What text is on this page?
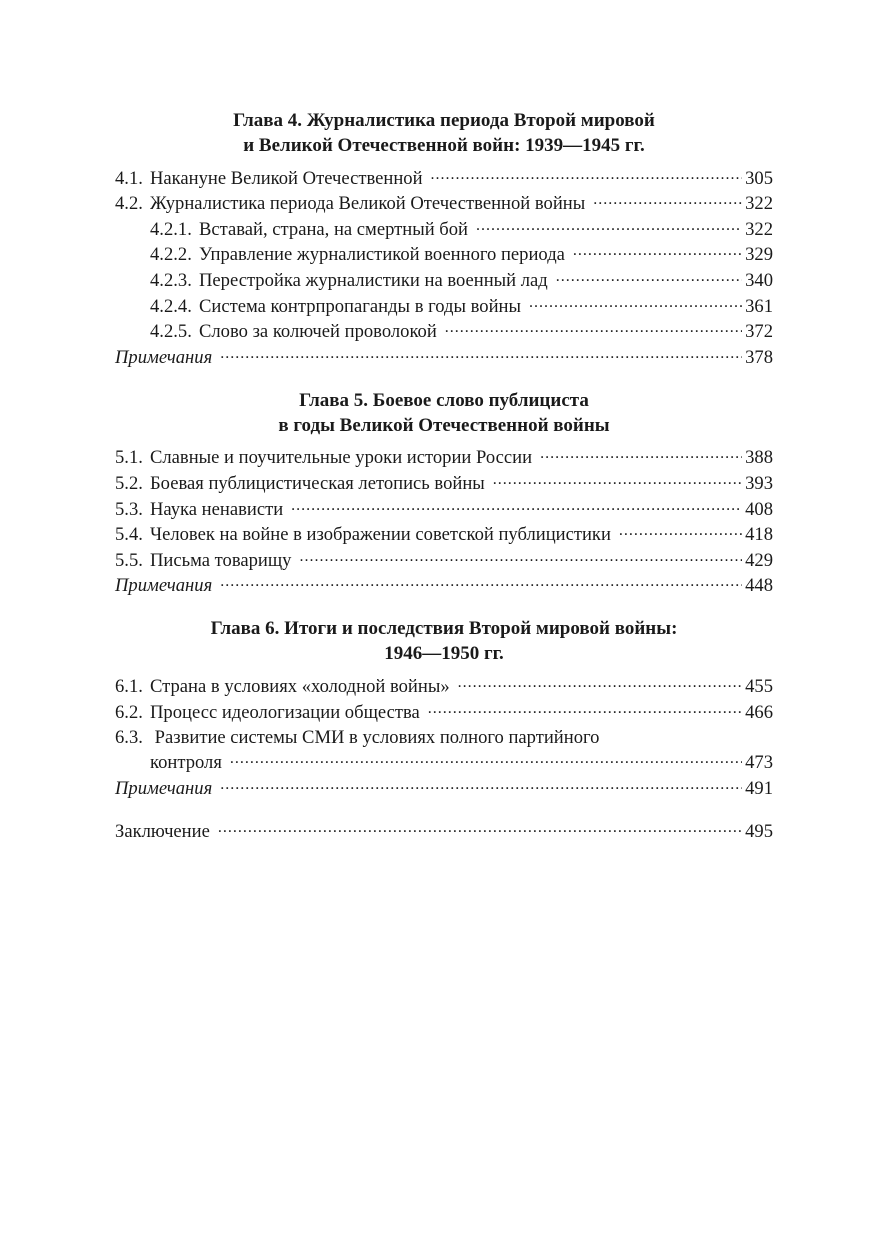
Глава 4. Журналистика периода Второй мировой
и Великой Отечественной войн: 1939—1945 гг.
4.1. Накануне Великой Отечественной . . .	305
4.2. Журналистика периода Великой Отечественной войны . . .	322
4.2.1. Вставай, страна, на смертный бой . . .	322
4.2.2. Управление журналистикой военного периода . . .	329
4.2.3. Перестройка журналистики на военный лад . . .	340
4.2.4. Система контрпропаганды в годы войны . . .	361
4.2.5. Слово за колючей проволокой . . .	372
Примечания . . .	378
Глава 5. Боевое слово публициста
в годы Великой Отечественной войны
5.1. Славные и поучительные уроки истории России . . .	388
5.2. Боевая публицистическая летопись войны . . .	393
5.3. Наука ненависти . . .	408
5.4. Человек на войне в изображении советской публицистики . . .	418
5.5. Письма товарищу . . .	429
Примечания . . .	448
Глава 6. Итоги и последствия Второй мировой войны:
1946—1950 гг.
6.1. Страна в условиях «холодной войны» . . .	455
6.2. Процесс идеологизации общества . . .	466
6.3. Развитие системы СМИ в условиях полного партийного
контроля . . .	473
Примечания . . .	491
Заключение . . .	495
